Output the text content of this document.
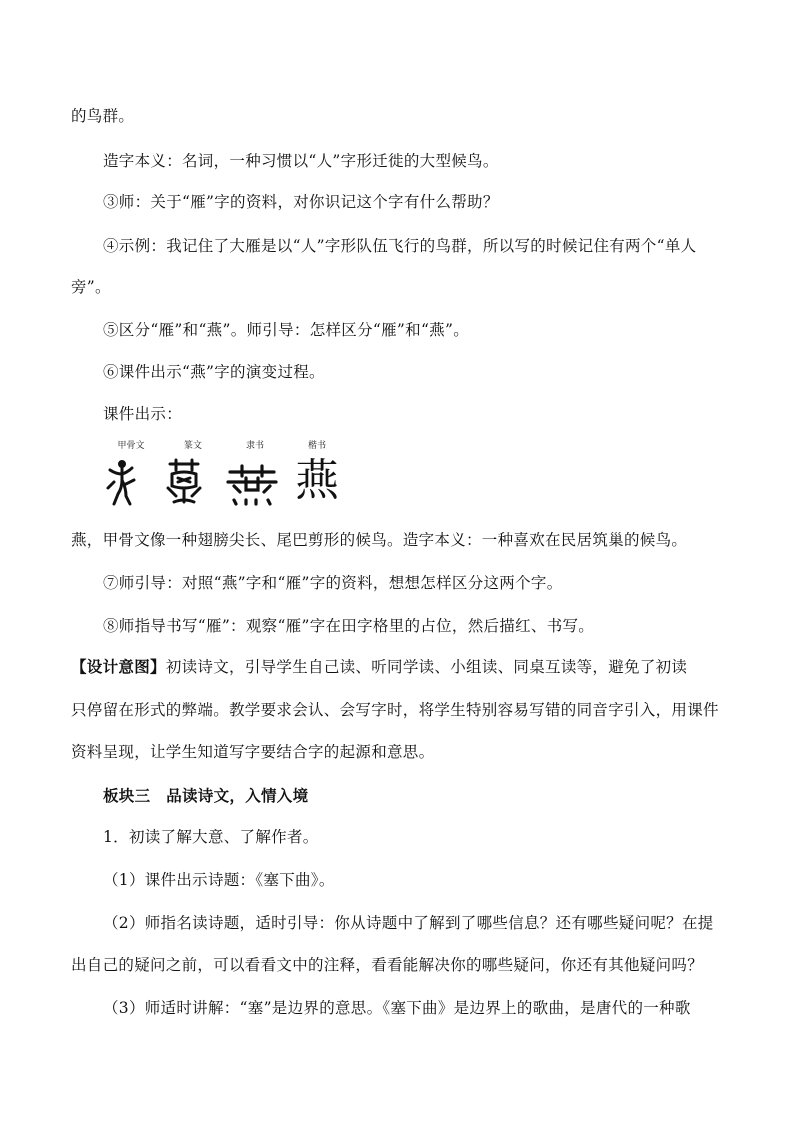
的鸟群。
造字本义：名词，一种习惯以“人”字形迁徙的大型候鸟。
③师：关于“雁”字的资料，对你识记这个字有什么帮助？
④示例：我记住了大雁是以“人”字形队伍飞行的鸟群，所以写的时候记住有两个“单人
旁”。
⑤区分“雁”和“燕”。师引导：怎样区分“雁”和“燕”。
⑥课件出示“燕”字的演变过程。
课件出示：
甲骨文	篆文	隶书	楷书
燕
燕，甲骨文像一种翅膀尖长、尾巴剪形的候鸟。造字本义：一种喜欢在民居筑巢的候鸟。
⑦师引导：对照“燕”字和“雁”字的资料，想想怎样区分这两个字。
⑧师指导书写“雁”：观察“雁”字在田字格里的占位，然后描红、书写。
【设计意图】初读诗文，引导学生自己读、听同学读、小组读、同桌互读等，避免了初读
只停留在形式的弊端。教学要求会认、会写字时，将学生特别容易写错的同音字引入，用课件
资料呈现，让学生知道写字要结合字的起源和意思。
板块三　品读诗文，入情入境
1．初读了解大意、了解作者。
（1）课件出示诗题：《塞下曲》。
（2）师指名读诗题，适时引导：你从诗题中了解到了哪些信息？还有哪些疑问呢？在提
出自己的疑问之前，可以看看文中的注释，看看能解决你的哪些疑问，你还有其他疑问吗？
（3）师适时讲解：“塞”是边界的意思。《塞下曲》是边界上的歌曲，是唐代的一种歌
